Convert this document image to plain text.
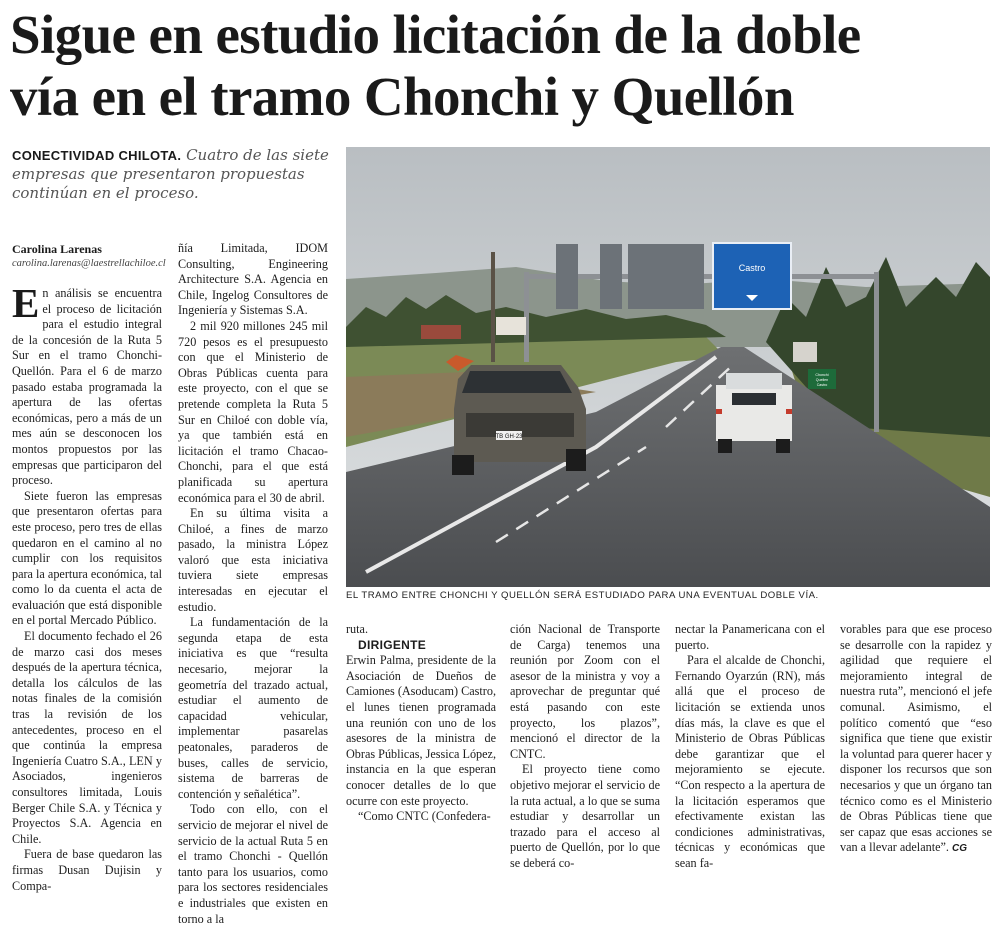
Sigue en estudio licitación de la doble
vía en el tramo Chonchi y Quellón
CONECTIVIDAD CHILOTA. Cuatro de las siete empresas que presentaron propuestas continúan en el proceso.
Carolina Larenas
carolina.larenas@laestrellachiloe.cl

En análisis se encuentra el proceso de licitación para el estudio integral de la concesión de la Ruta 5 Sur en el tramo Chonchi-Quellón. Para el 6 de marzo pasado estaba programada la apertura de las ofertas económicas, pero a más de un mes aún se desconocen los montos propuestos por las empresas que participaron del proceso.

Siete fueron las empresas que presentaron ofertas para este proceso, pero tres de ellas quedaron en el camino al no cumplir con los requisitos para la apertura económica, tal como lo da cuenta el acta de evaluación que está disponible en el portal Mercado Público.

El documento fechado el 26 de marzo casi dos meses después de la apertura técnica, detalla los cálculos de las notas finales de la comisión tras la revisión de los antecedentes, proceso en el que continúa la empresa Ingeniería Cuatro S.A., LEN y Asociados, ingenieros consultores limitada, Louis Berger Chile S.A. y Técnica y Proyectos S.A. Agencia en Chile.

Fuera de base quedaron las firmas Dusan Dujisin y Compa-

ñía Limitada, IDOM Consulting, Engineering Architecture S.A. Agencia en Chile, Ingelog Consultores de Ingeniería y Sistemas S.A.

2 mil 920 millones 245 mil 720 pesos es el presupuesto con que el Ministerio de Obras Públicas cuenta para este proyecto, con el que se pretende completa la Ruta 5 Sur en Chiloé con doble vía, ya que también está en licitación el tramo Chacao-Chonchi, para el que está planificada su apertura económica para el 30 de abril.

En su última visita a Chiloé, a fines de marzo pasado, la ministra López valoró que esta iniciativa tuviera siete empresas interesadas en ejecutar el estudio.

La fundamentación de la segunda etapa de esta iniciativa es que “resulta necesario, mejorar la geometría del trazado actual, estudiar el aumento de capacidad vehicular, implementar pasarelas peatonales, paraderos de buses, calles de servicio, sistema de barreras de contención y señalética”.

Todo con ello, con el servicio de mejorar el nivel de servicio de la actual Ruta 5 en el tramo Chonchi - Quellón tanto para los usuarios, como para los sectores residenciales e industriales que existen en torno a la

Castro
Chonchi
Queilen
Castro
TB GH·23
EL TRAMO ENTRE CHONCHI Y QUELLÓN SERÁ ESTUDIADO PARA UNA EVENTUAL DOBLE VÍA.

ruta.

DIRIGENTE

Erwin Palma, presidente de la Asociación de Dueños de Camiones (Asoducam) Castro, el lunes tienen programada una reunión con uno de los asesores de la ministra de Obras Públicas, Jessica López, instancia en la que esperan conocer detalles de lo que ocurre con este proyecto.

“Como CNTC (Confedera-

ción Nacional de Transporte de Carga) tenemos una reunión por Zoom con el asesor de la ministra y voy a aprovechar de preguntar qué está pasando con este proyecto, los plazos”, mencionó el director de la CNTC.

El proyecto tiene como objetivo mejorar el servicio de la ruta actual, a lo que se suma estudiar y desarrollar un trazado para el acceso al puerto de Quellón, por lo que se deberá co-

nectar la Panamericana con el puerto.

Para el alcalde de Chonchi, Fernando Oyarzún (RN), más allá que el proceso de licitación se extienda unos días más, la clave es que el Ministerio de Obras Públicas debe garantizar que el mejoramiento se ejecute. “Con respecto a la apertura de la licitación esperamos que efectivamente existan las condiciones administrativas, técnicas y económicas que sean fa-

vorables para que ese proceso se desarrolle con la rapidez y agilidad que requiere el mejoramiento integral de nuestra ruta”, mencionó el jefe comunal. Asimismo, el político comentó que “eso significa que tiene que existir la voluntad para querer hacer y disponer los recursos que son necesarios y que un órgano tan técnico como es el Ministerio de Obras Públicas tiene que ser capaz que esas acciones se van a llevar adelante”. CG
